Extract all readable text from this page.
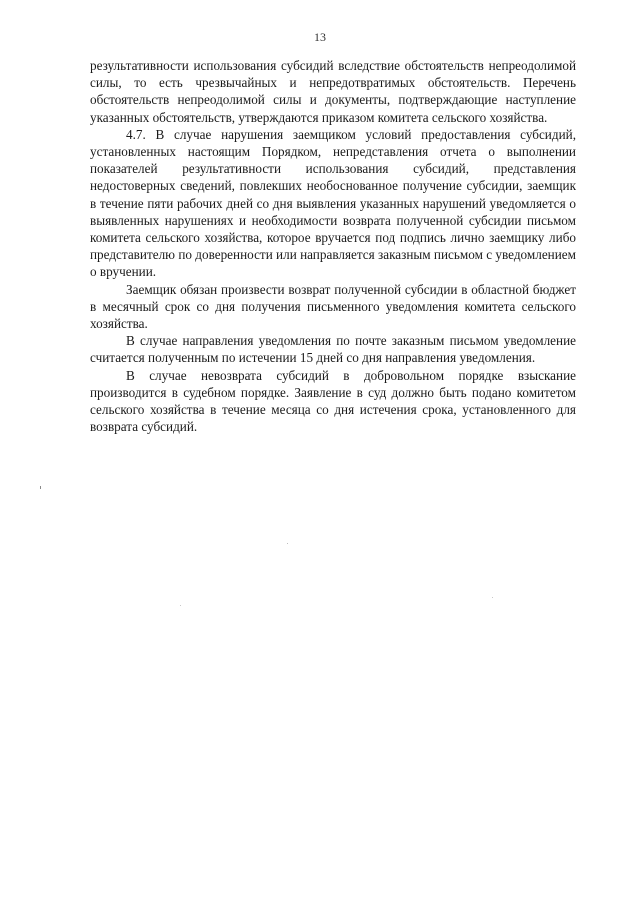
13

результативности использования субсидий вследствие обстоятельств непреодолимой силы, то есть чрезвычайных и непредотвратимых обстоятельств. Перечень обстоятельств непреодолимой силы и документы, подтверждающие наступление указанных обстоятельств, утверждаются приказом комитета сельского хозяйства.

4.7. В случае нарушения заемщиком условий предоставления субсидий, установленных настоящим Порядком, непредставления отчета о выполнении показателей результативности использования субсидий, представления недостоверных сведений, повлекших необоснованное получение субсидии, заемщик в течение пяти рабочих дней со дня выявления указанных нарушений уведомляется о выявленных нарушениях и необходимости возврата полученной субсидии письмом комитета сельского хозяйства, которое вручается под подпись лично заемщику либо представителю по доверенности или направляется заказным письмом с уведомлением о вручении.

Заемщик обязан произвести возврат полученной субсидии в областной бюджет в месячный срок со дня получения письменного уведомления комитета сельского хозяйства.

В случае направления уведомления по почте заказным письмом уведомление считается полученным по истечении 15 дней со дня направления уведомления.

В случае невозврата субсидий в добровольном порядке взыскание производится в судебном порядке. Заявление в суд должно быть подано комитетом сельского хозяйства в течение месяца со дня истечения срока, установленного для возврата субсидий.
